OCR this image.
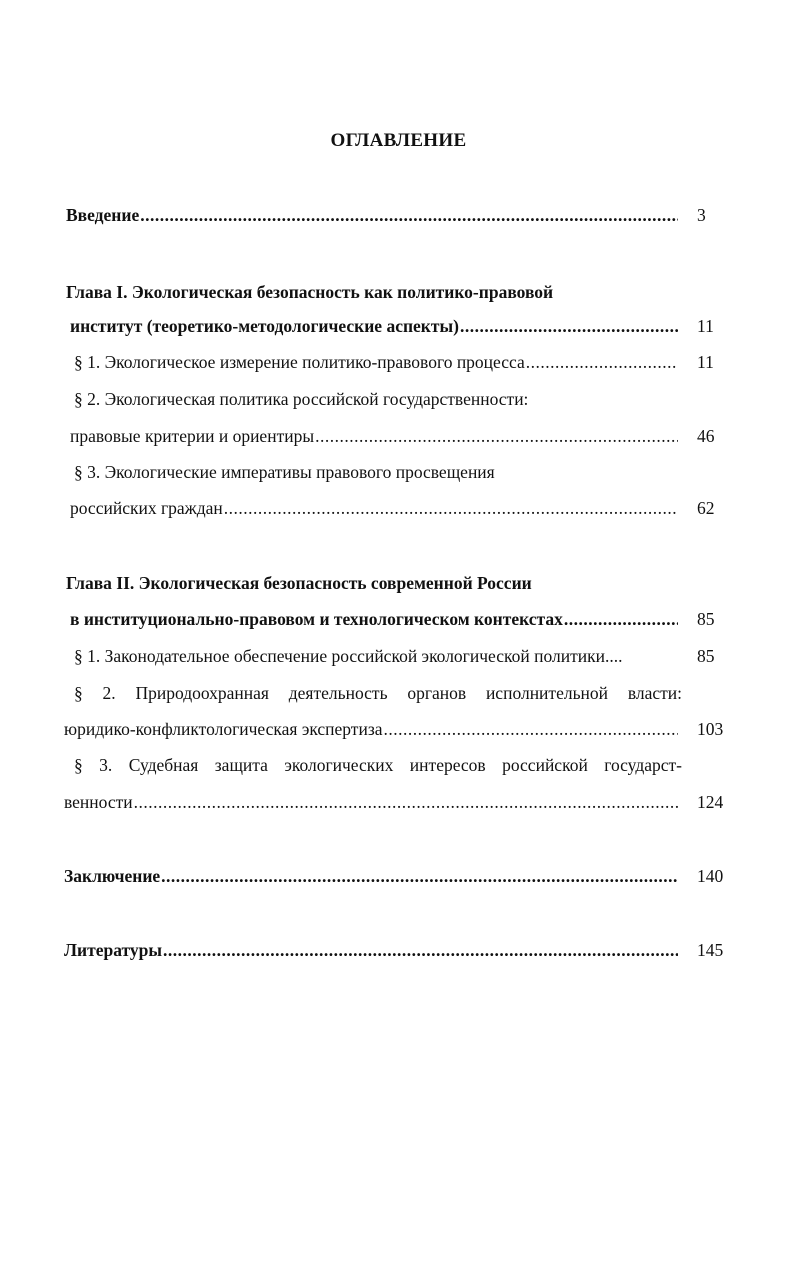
ОГЛАВЛЕНИЕ
Введение .....	3
Глава I. Экологическая безопасность как политико-правовой
институт (теоретико-методологические аспекты) .....	11
§ 1. Экологическое измерение политико-правового процесса .....	11
§ 2. Экологическая политика российской государственности:
правовые критерии и ориентиры .....	46
§ 3. Экологические императивы правового просвещения
российских граждан .....	62
Глава II. Экологическая безопасность современной России
в институционально-правовом и технологическом контекстах .....	85
§ 1. Законодательное обеспечение российской экологической политики....	85
§ 2. Природоохранная деятельность органов исполнительной власти:
юридико-конфликтологическая экспертиза .....	103
§ 3. Судебная защита экологических интересов российской государст-
венности .....	124
Заключение .....	140
Литературы .....	145
